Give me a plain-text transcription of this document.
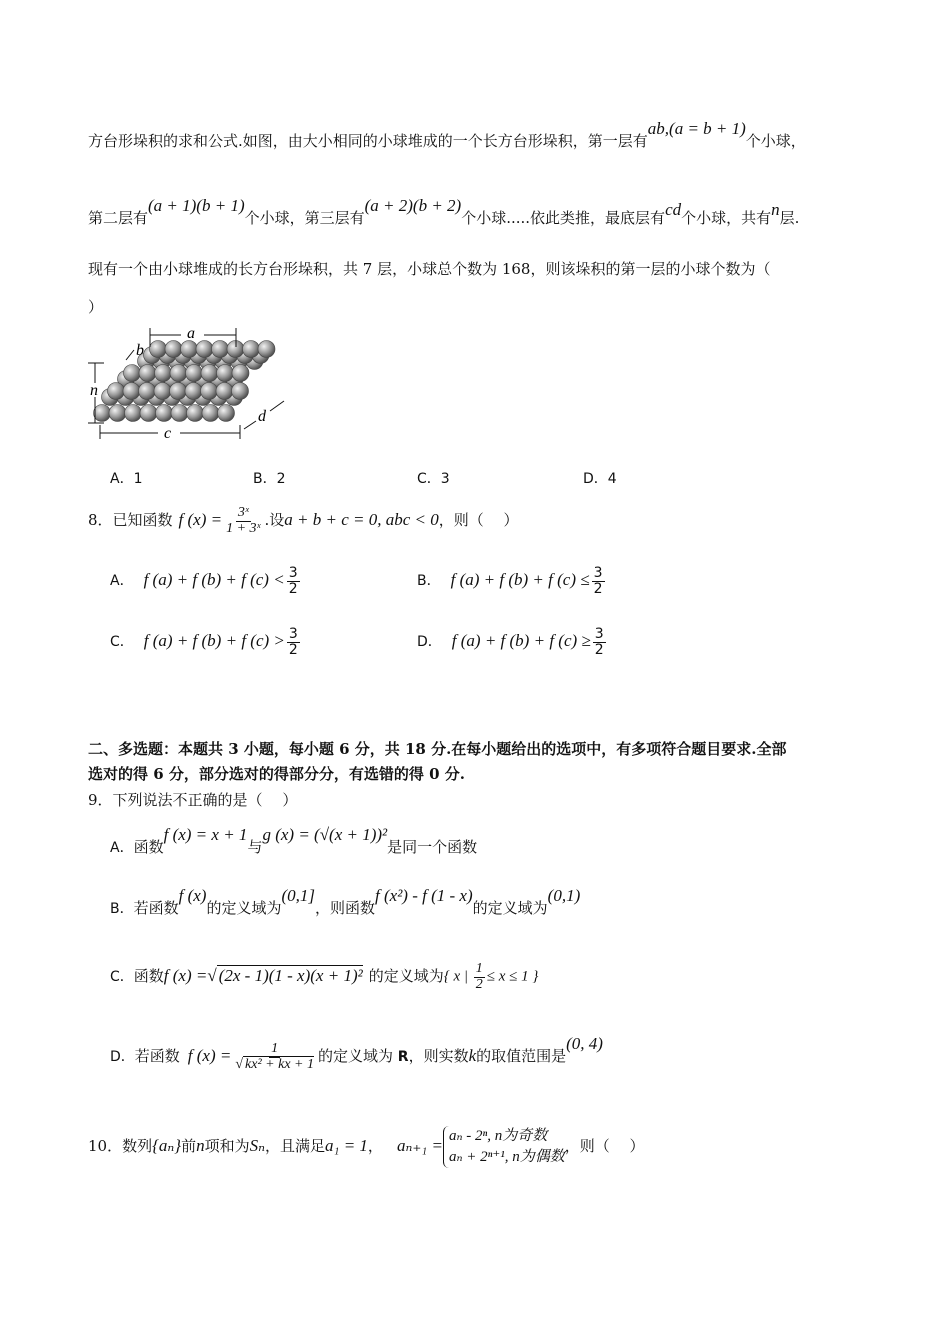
方台形垛积的求和公式.如图，由大小相同的小球堆成的一个长方台形垛积，第一层有ab,(a = b + 1)个小球，
第二层有(a + 1)(b + 1)个小球，第三层有(a + 2)(b + 2)个小球.....依此类推，最底层有cd个小球，共有n层.
现有一个由小球堆成的长方台形垛积，共 7 层，小球总个数为 168，则该垛积的第一层的小球个数为（
）
a
b
n
c
d
A．1	B．2	C．3	D．4
8．已知函数 f $(x) = \frac{\text{3ˣ}}{\text{1 + 3ˣ}}$ .设a + b + c = 0, abc < 0，则（　 ）
A． f (a) + f (b) + f $(c) < \frac{3}{2}$	B． f (a) + f (b) + f $(c) \le \frac{3}{2}$
C． f (a) + f (b) + f $(c) > \frac{3}{2}$	D． f (a) + f (b) + f $(c) \ge \frac{3}{2}$
二、多选题：本题共 3 小题，每小题 6 分，共 18 分.在每小题给出的选项中，有多项符合题目要求.全部
选对的得 6 分，部分选对的得部分分，有选错的得 0 分.
9．下列说法不正确的是（　 ）
A．函数f (x) = x + 1与g (x) = (√(x + 1))²是同一个函数
B．若函数f (x)的定义域为(0,1]，则函数f (x²) - f (1 - x)的定义域为(0,1)
C．函数f (x) =√ (2x - 1)(1 - x)(x + 1)² 的定义域为{ x | $\frac{1}{2} \le x \le 1$ }
D．若函数 f $(x) = \frac{1}{\text{√ kx² + kx + 1}}$ 的定义域为 R，则实数k的取值范围是(0, 4)
10．数列{aₙ}前n项和为Sₙ，且满足a₁ = 1， aₙ₊₁ = aₙ - 2ⁿ, n为奇数
aₙ + 2ⁿ⁺¹, n为偶数，则（　 ）
